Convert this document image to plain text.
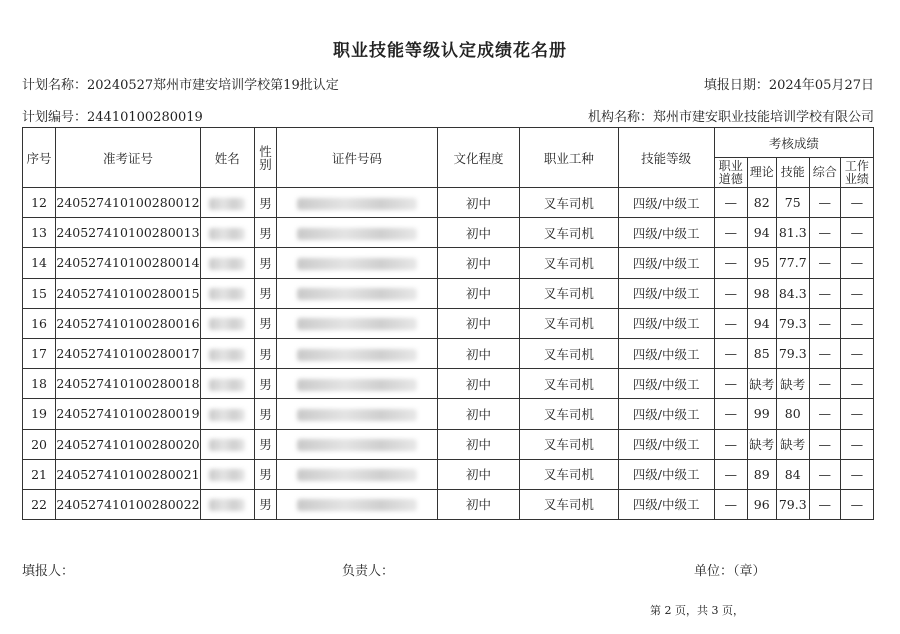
职业技能等级认定成绩花名册
计划名称：20240527郑州市建安培训学校第19批认定	填报日期：2024年05月27日
计划编号：24410100280019	机构名称：郑州市建安职业技能培训学校有限公司
序号	准考证号	姓名	性别	证件号码	文化程度	职业工种	技能等级	考核成绩				
								职业道德	理论	技能	综合	工作业绩
12	240527410100280012		男		初中	叉车司机	四级/中级工	—	82	75	—	—
13	240527410100280013		男		初中	叉车司机	四级/中级工	—	94	81.3	—	—
14	240527410100280014		男		初中	叉车司机	四级/中级工	—	95	77.7	—	—
15	240527410100280015		男		初中	叉车司机	四级/中级工	—	98	84.3	—	—
16	240527410100280016		男		初中	叉车司机	四级/中级工	—	94	79.3	—	—
17	240527410100280017		男		初中	叉车司机	四级/中级工	—	85	79.3	—	—
18	240527410100280018		男		初中	叉车司机	四级/中级工	—	缺考	缺考	—	—
19	240527410100280019		男		初中	叉车司机	四级/中级工	—	99	80	—	—
20	240527410100280020		男		初中	叉车司机	四级/中级工	—	缺考	缺考	—	—
21	240527410100280021		男		初中	叉车司机	四级/中级工	—	89	84	—	—
22	240527410100280022		男		初中	叉车司机	四级/中级工	—	96	79.3	—	—
填报人：	负责人：	单位：（章）
第 2 页，共 3 页，
